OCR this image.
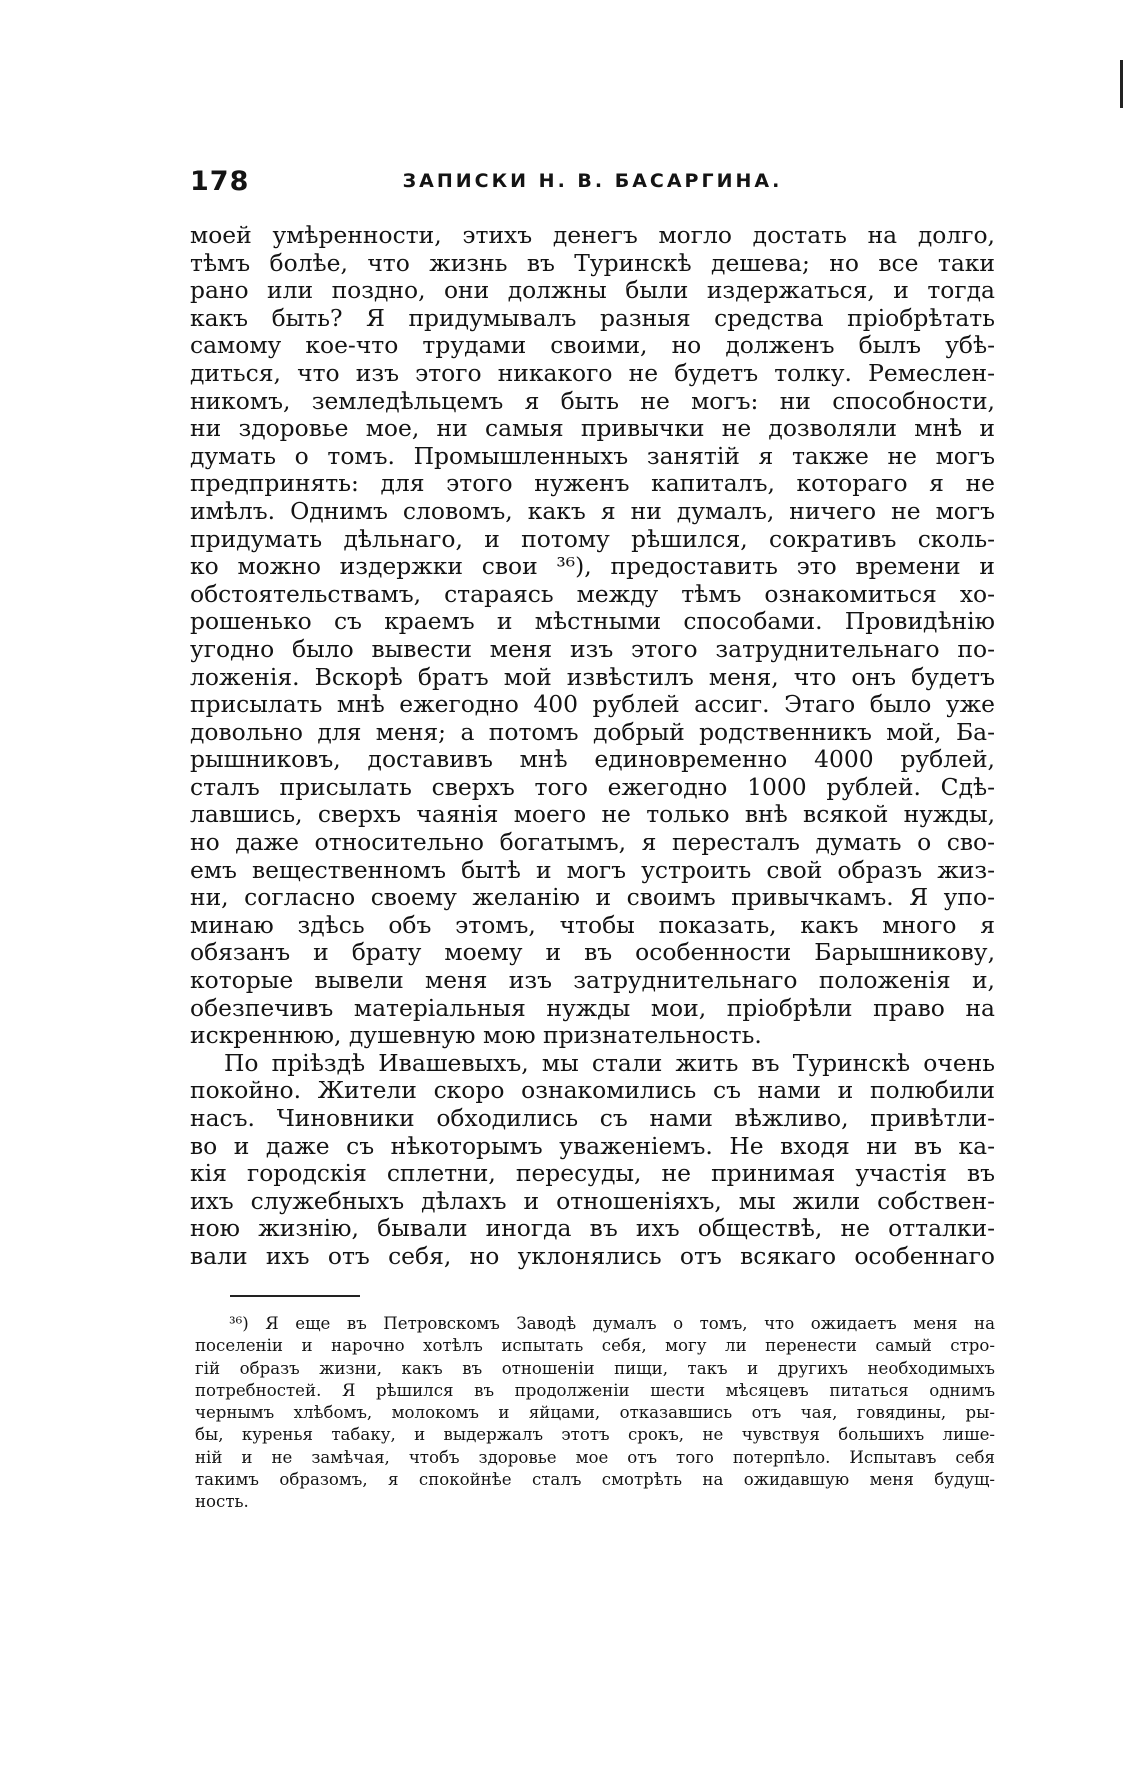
178	ЗАПИСКИ Н. В. БАСАРГИНА.
моей умѣренности, этихъ денегъ могло достать на долго,
тѣмъ болѣе, что жизнь въ Туринскѣ дешева; но все таки
рано или поздно, они должны были издержаться, и тогда
какъ быть? Я придумывалъ разныя средства пріобрѣтать
самому кое-что трудами своими, но долженъ былъ убѣ-
диться, что изъ этого никакого не будетъ толку. Ремеслен-
никомъ, земледѣльцемъ я быть не могъ: ни способности,
ни здоровье мое, ни самыя привычки не дозволяли мнѣ и
думать о томъ. Промышленныхъ занятій я также не могъ
предпринять: для этого нуженъ капиталъ, котораго я не
имѣлъ. Однимъ словомъ, какъ я ни думалъ, ничего не могъ
придумать дѣльнаго, и потому рѣшился, сокративъ сколь-
ко можно издержки свои ³⁶), предоставить это времени и
обстоятельствамъ, стараясь между тѣмъ ознакомиться хо-
рошенько съ краемъ и мѣстными способами. Провидѣнію
угодно было вывести меня изъ этого затруднительнаго по-
ложенія. Вскорѣ братъ мой извѣстилъ меня, что онъ будетъ
присылать мнѣ ежегодно 400 рублей ассиг. Этаго было уже
довольно для меня; а потомъ добрый родственникъ мой, Ба-
рышниковъ, доставивъ мнѣ единовременно 4000 рублей,
сталъ присылать сверхъ того ежегодно 1000 рублей. Сдѣ-
лавшись, сверхъ чаянія моего не только внѣ всякой нужды,
но даже относительно богатымъ, я пересталъ думать о сво-
емъ вещественномъ бытѣ и могъ устроить свой образъ жиз-
ни, согласно своему желанію и своимъ привычкамъ. Я упо-
минаю здѣсь объ этомъ, чтобы показать, какъ много я
обязанъ и брату моему и въ особенности Барышникову,
которые вывели меня изъ затруднительнаго положенія и,
обезпечивъ матеріальныя нужды мои, пріобрѣли право на
искреннюю, душевную мою признательность.
По пріѣздѣ Ивашевыхъ, мы стали жить въ Туринскѣ очень
покойно. Жители скоро ознакомились съ нами и полюбили
насъ. Чиновники обходились съ нами вѣжливо, привѣтли-
во и даже съ нѣкоторымъ уваженіемъ. Не входя ни въ ка-
кія городскія сплетни, пересуды, не принимая участія въ
ихъ служебныхъ дѣлахъ и отношеніяхъ, мы жили собствен-
ною жизнію, бывали иногда въ ихъ обществѣ, не отталки-
вали ихъ отъ себя, но уклонялись отъ всякаго особеннаго
³⁶) Я еще въ Петровскомъ Заводѣ думалъ о томъ, что ожидаетъ меня на
поселеніи и нарочно хотѣлъ испытать себя, могу ли перенести самый стро-
гій образъ жизни, какъ въ отношеніи пищи, такъ и другихъ необходимыхъ
потребностей. Я рѣшился въ продолженіи шести мѣсяцевъ питаться однимъ
чернымъ хлѣбомъ, молокомъ и яйцами, отказавшись отъ чая, говядины, ры-
бы, куренья табаку, и выдержалъ этотъ срокъ, не чувствуя большихъ лише-
ній и не замѣчая, чтобъ здоровье мое отъ того потерпѣло. Испытавъ себя
такимъ образомъ, я спокойнѣе сталъ смотрѣть на ожидавшую меня будущ-
ность.
